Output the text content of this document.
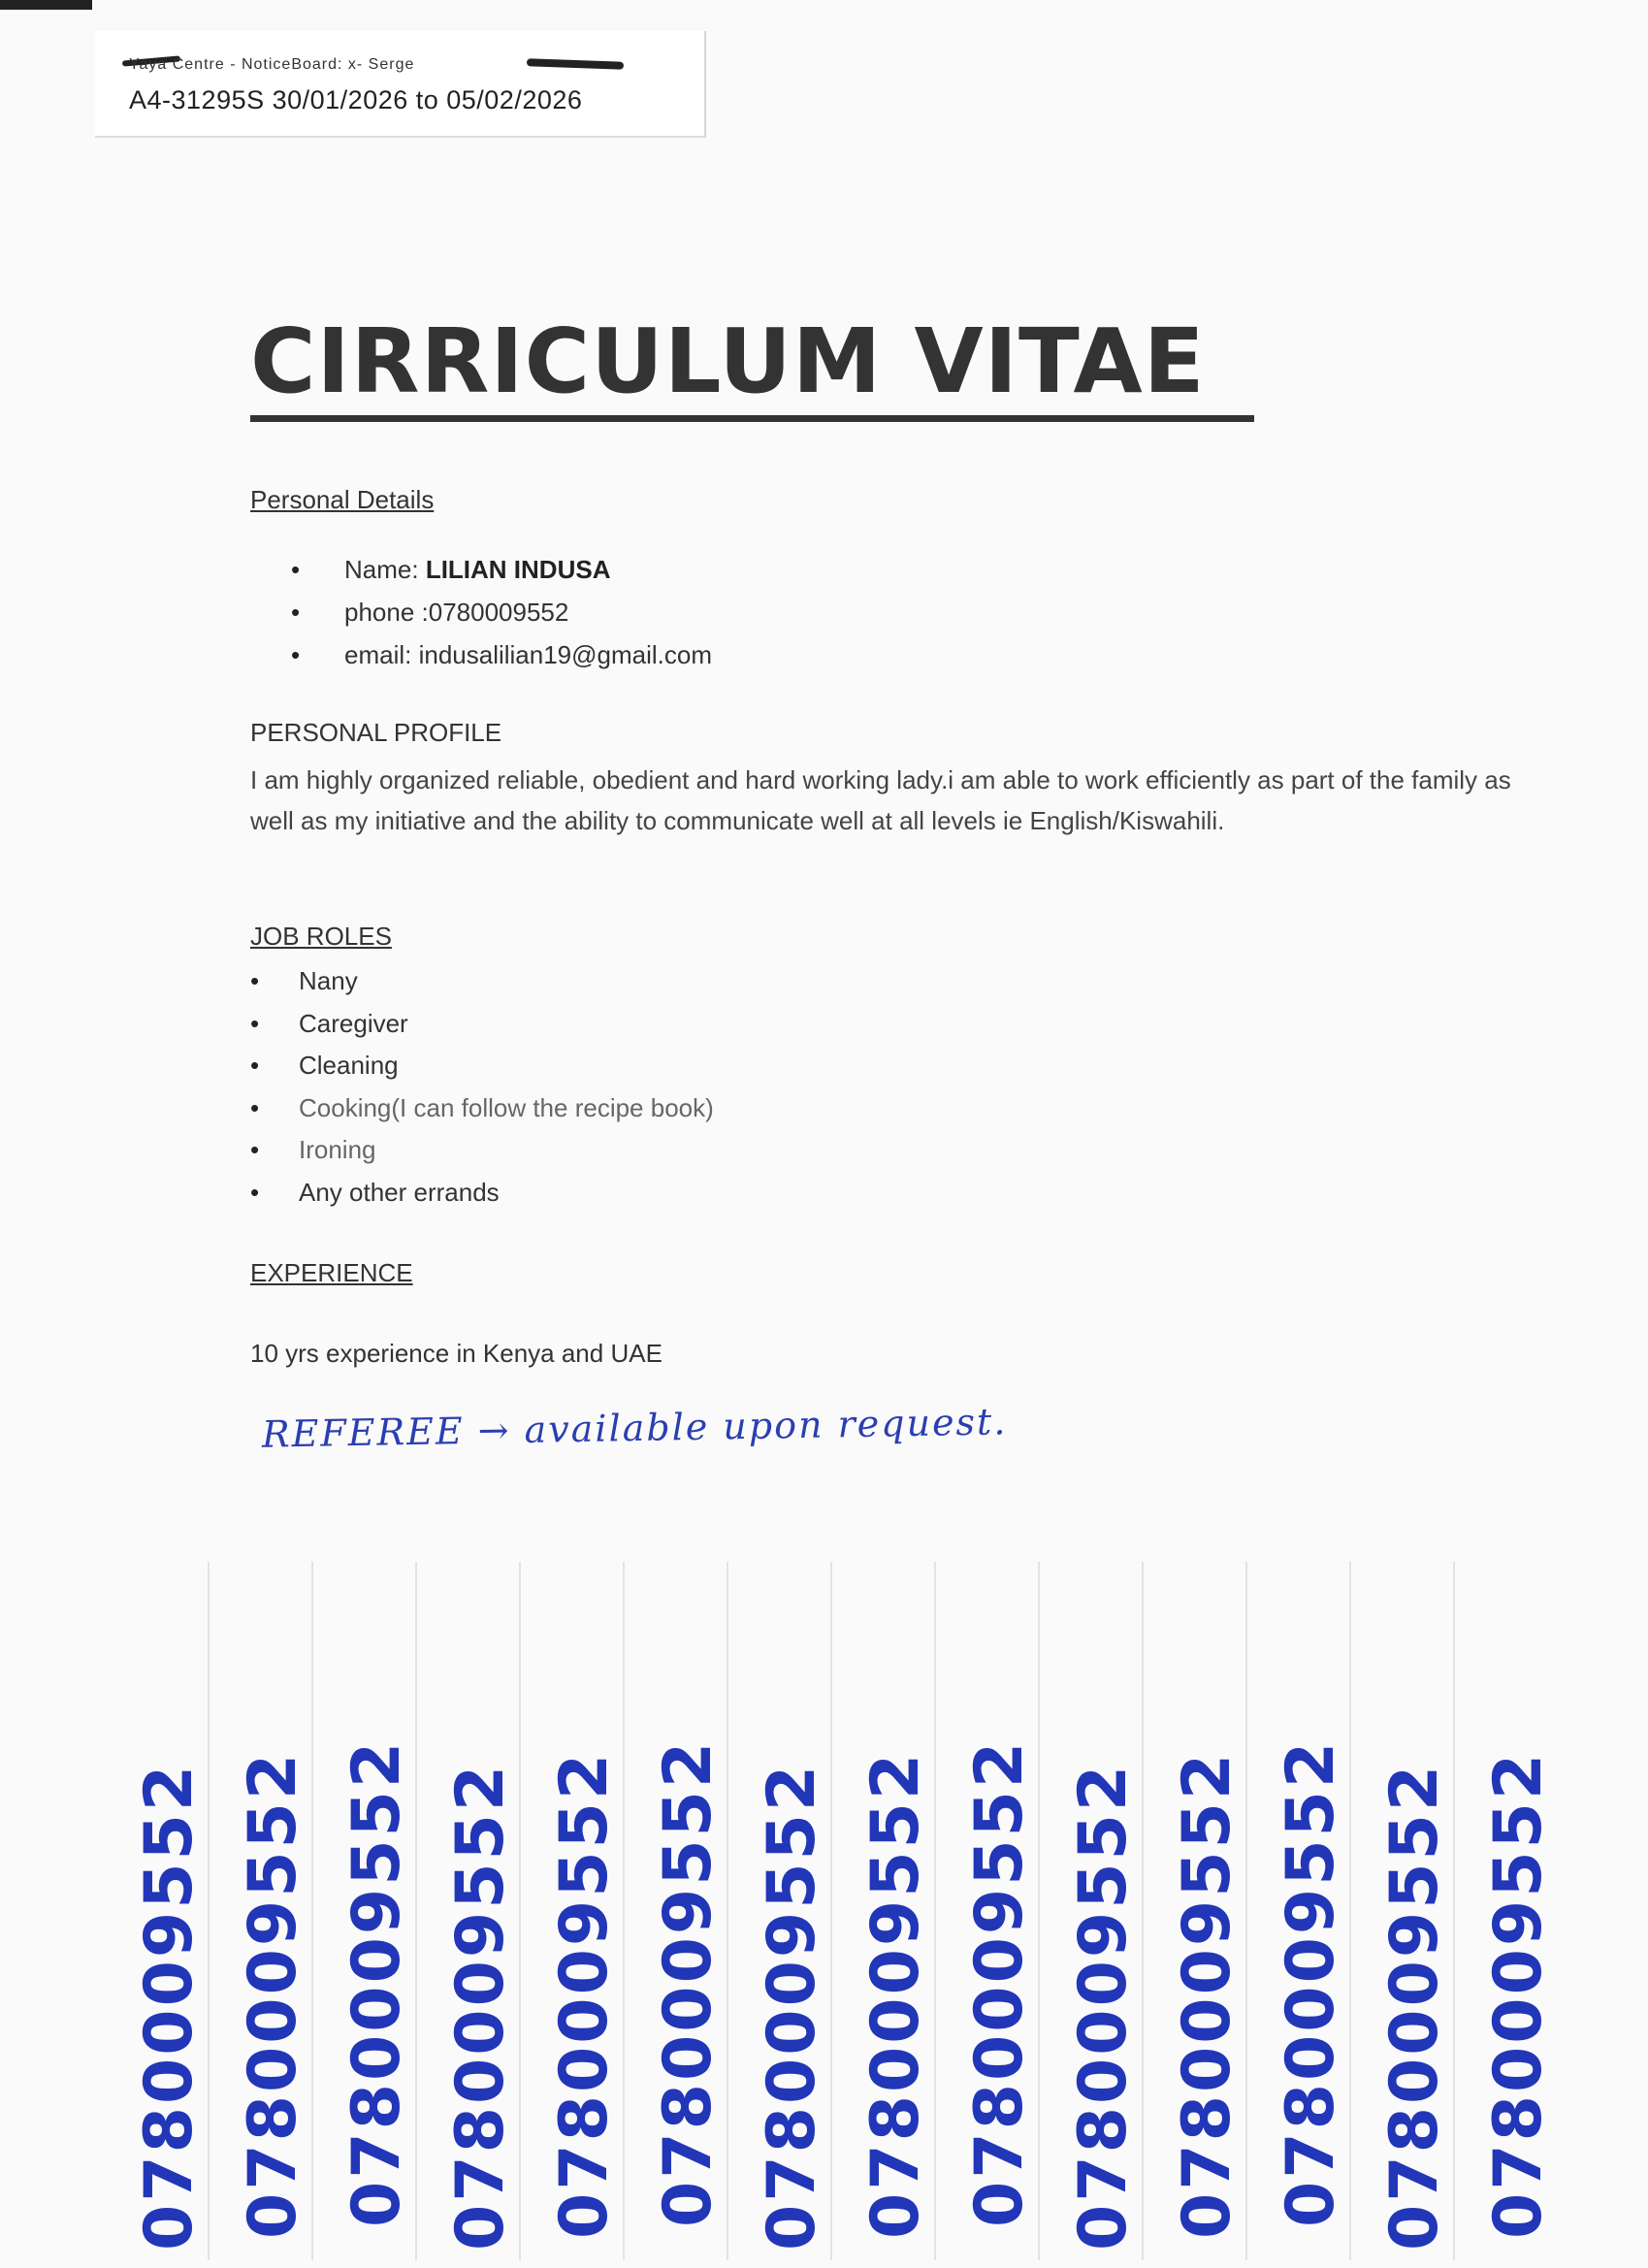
Yaya Centre - NoticeBoard: x- Serge
A4-31295S 30/01/2026 to 05/02/2026
CIRRICULUM VITAE
Personal Details
• Name: LILIAN INDUSA
• phone :0780009552
• email: indusalilian19@gmail.com
PERSONAL PROFILE

I am highly organized reliable, obedient and hard working lady.i am able to work efficiently as part of the family as well as my initiative and the ability to communicate well at all levels ie English/Kiswahili.

JOB ROLES
• Nany
• Caregiver
• Cleaning
• Cooking(I can follow the recipe book)
• Ironing
• Any other errands
EXPERIENCE
10 yrs experience in Kenya and UAE
REFEREE → available upon request.
0780009552 0780009552 0780009552 0780009552 0780009552 0780009552 0780009552 0780009552 0780009552 0780009552 0780009552 0780009552 0780009552 0780009552
